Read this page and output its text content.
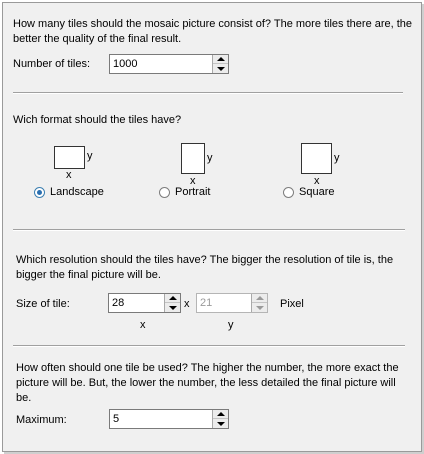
How many tiles should the mosaic picture consist of? The more tiles there are, the better the quality of the final result.
Number of tiles: 1000
Wich format should the tiles have?
y
x
y
x
y
x
Landscape	Portrait	Square
Which resolution should the tiles have? The bigger the resolution of tile is, the bigger the final picture will be.
Size of tile:	28	x 21	Pixel
x	y
How often should one tile be used? The higher the number, the more exact the picture will be. But, the lower the number, the less detailed the final picture will be.
Maximum:	5
